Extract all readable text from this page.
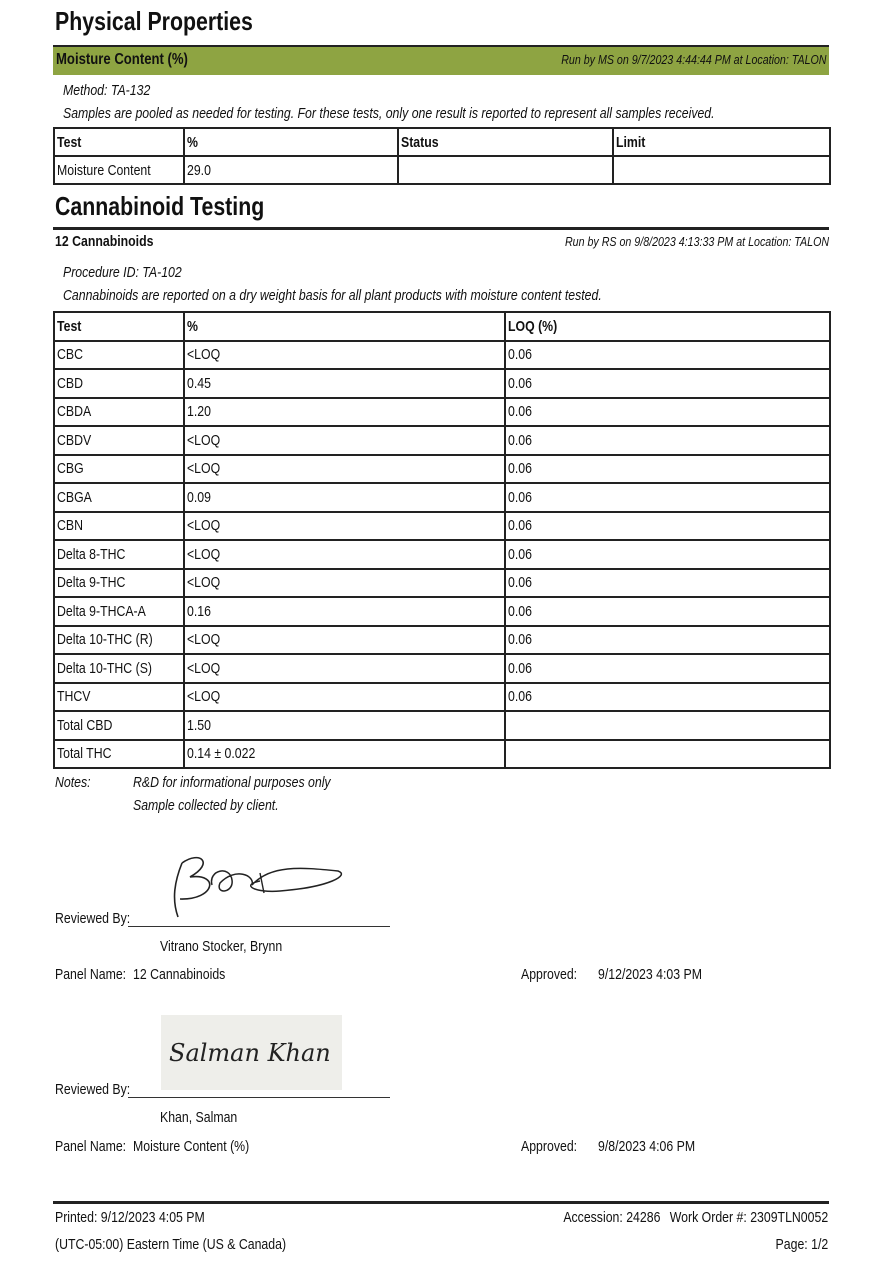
Physical Properties
Moisture Content (%)	Run by MS on 9/7/2023 4:44:44 PM at Location: TALON
Method: TA-132
Samples are pooled as needed for testing. For these tests, only one result is reported to represent all samples received.
Test	%	Status	Limit
Moisture Content	29.0		
Cannabinoid Testing
12 Cannabinoids	Run by RS on 9/8/2023 4:13:33 PM at Location: TALON
Procedure ID: TA-102
Cannabinoids are reported on a dry weight basis for all plant products with moisture content tested.
Test	%	LOQ (%)
CBC	<LOQ	0.06
CBD	0.45	0.06
CBDA	1.20	0.06
CBDV	<LOQ	0.06
CBG	<LOQ	0.06
CBGA	0.09	0.06
CBN	<LOQ	0.06
Delta 8-THC	<LOQ	0.06
Delta 9-THC	<LOQ	0.06
Delta 9-THCA-A	0.16	0.06
Delta 10-THC (R)	<LOQ	0.06
Delta 10-THC (S)	<LOQ	0.06
THCV	<LOQ	0.06
Total CBD	1.50	
Total THC	0.14 ± 0.022	
Notes:	R&D for informational purposes only
Sample collected by client.
Reviewed By:
Vitrano Stocker, Brynn
Panel Name: 12 Cannabinoids	Approved:	9/12/2023 4:03 PM
Salman Khan
Reviewed By:
Khan, Salman
Panel Name: Moisture Content (%)	Approved:	9/8/2023 4:06 PM
Printed: 9/12/2023 4:05 PM
(UTC-05:00) Eastern Time (US & Canada)
Accession: 24286 Work Order #: 2309TLN0052
Page: 1/2
